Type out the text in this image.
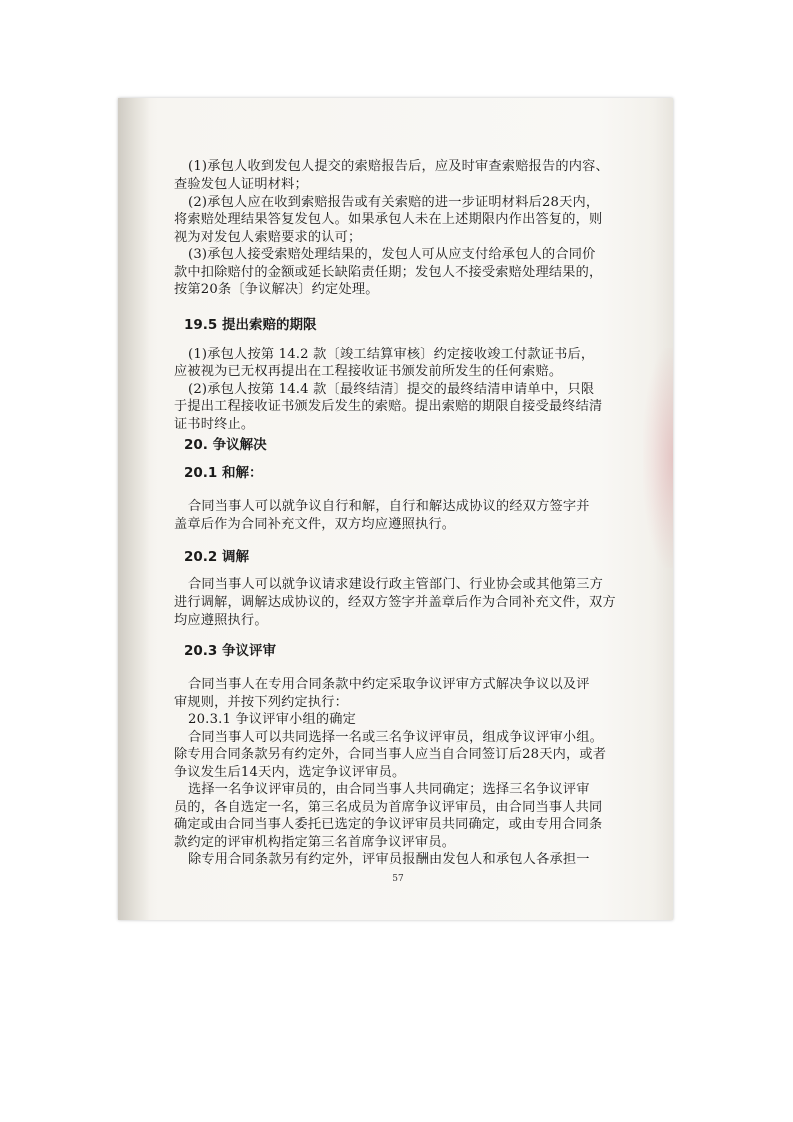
(1)承包人收到发包人提交的索赔报告后，应及时审查索赔报告的内容、
查验发包人证明材料；
(2)承包人应在收到索赔报告或有关索赔的进一步证明材料后28天内，
将索赔处理结果答复发包人。如果承包人未在上述期限内作出答复的，则
视为对发包人索赔要求的认可；
(3)承包人接受索赔处理结果的，发包人可从应支付给承包人的合同价
款中扣除赔付的金额或延长缺陷责任期；发包人不接受索赔处理结果的，
按第20条〔争议解决〕约定处理。
19.5 提出索赔的期限
(1)承包人按第 14.2 款〔竣工结算审核〕约定接收竣工付款证书后，
应被视为已无权再提出在工程接收证书颁发前所发生的任何索赔。
(2)承包人按第 14.4 款〔最终结清〕提交的最终结清申请单中，只限
于提出工程接收证书颁发后发生的索赔。提出索赔的期限自接受最终结清
证书时终止。
20. 争议解决
20.1 和解：
合同当事人可以就争议自行和解，自行和解达成协议的经双方签字并
盖章后作为合同补充文件，双方均应遵照执行。
20.2 调解
合同当事人可以就争议请求建设行政主管部门、行业协会或其他第三方
进行调解，调解达成协议的，经双方签字并盖章后作为合同补充文件，双方
均应遵照执行。
20.3 争议评审
合同当事人在专用合同条款中约定采取争议评审方式解决争议以及评
审规则，并按下列约定执行：
20.3.1 争议评审小组的确定
合同当事人可以共同选择一名或三名争议评审员，组成争议评审小组。
除专用合同条款另有约定外，合同当事人应当自合同签订后28天内，或者
争议发生后14天内，选定争议评审员。
选择一名争议评审员的，由合同当事人共同确定；选择三名争议评审
员的，各自选定一名，第三名成员为首席争议评审员，由合同当事人共同
确定或由合同当事人委托已选定的争议评审员共同确定，或由专用合同条
款约定的评审机构指定第三名首席争议评审员。
除专用合同条款另有约定外，评审员报酬由发包人和承包人各承担一
57
